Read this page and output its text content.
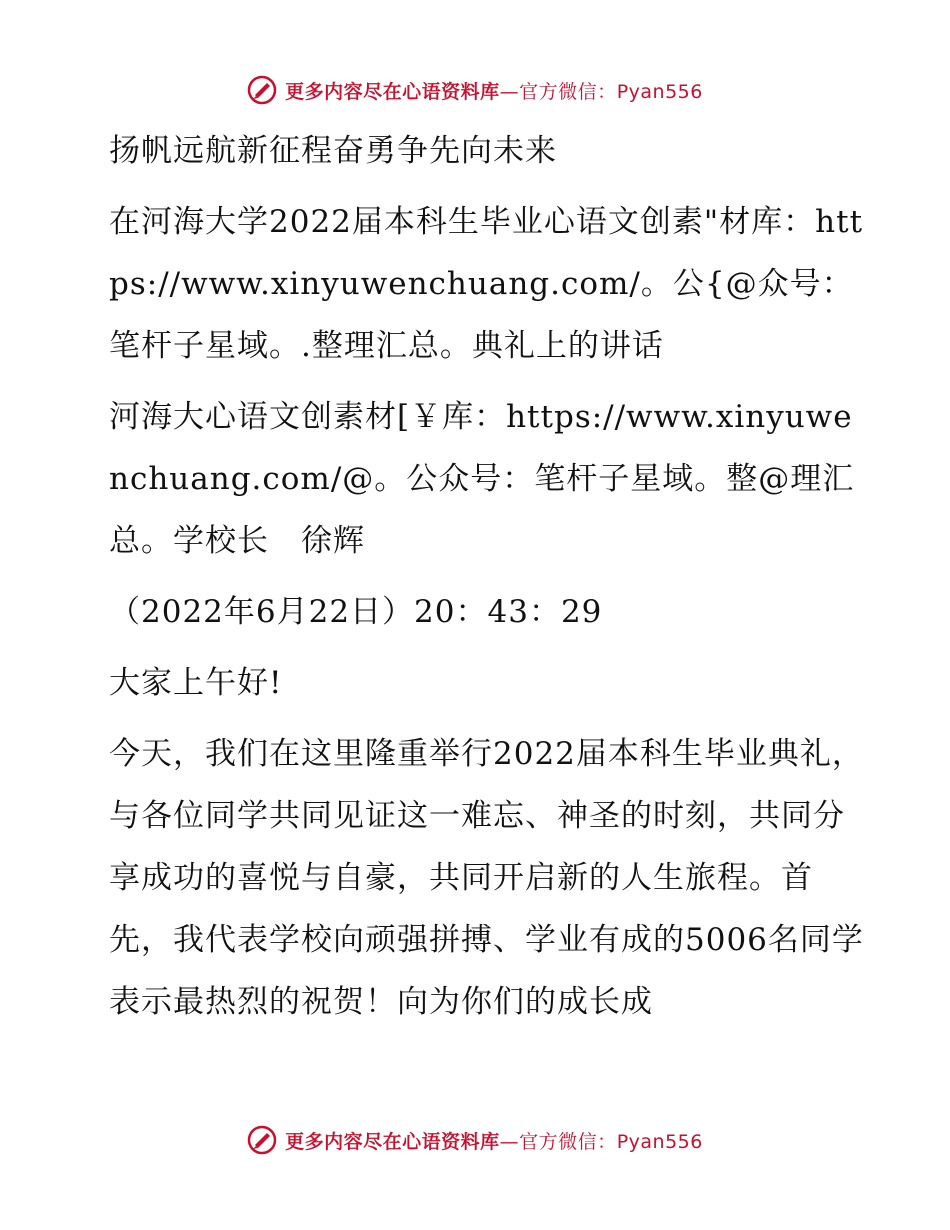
更多内容尽在心语资料库—官方微信：Pyan556

扬帆远航新征程奋勇争先向未来

在河海大学2022届本科生毕业心语文创素"材库：https://www.xinyuwenchuang.com/。公{@众号：笔杆子星域。.整理汇总。典礼上的讲话

河海大心语文创素材[￥库：https://www.xinyuwenchuang.com/@。公众号：笔杆子星域。整@理汇总。学校长　徐辉

（2022年6月22日）20：43：29

大家上午好!

今天，我们在这里隆重举行2022届本科生毕业典礼，与各位同学共同见证这一难忘、神圣的时刻，共同分享成功的喜悦与自豪，共同开启新的人生旅程。首先，我代表学校向顽强拼搏、学业有成的5006名同学表示最热烈的祝贺！向为你们的成长成

更多内容尽在心语资料库—官方微信：Pyan556
